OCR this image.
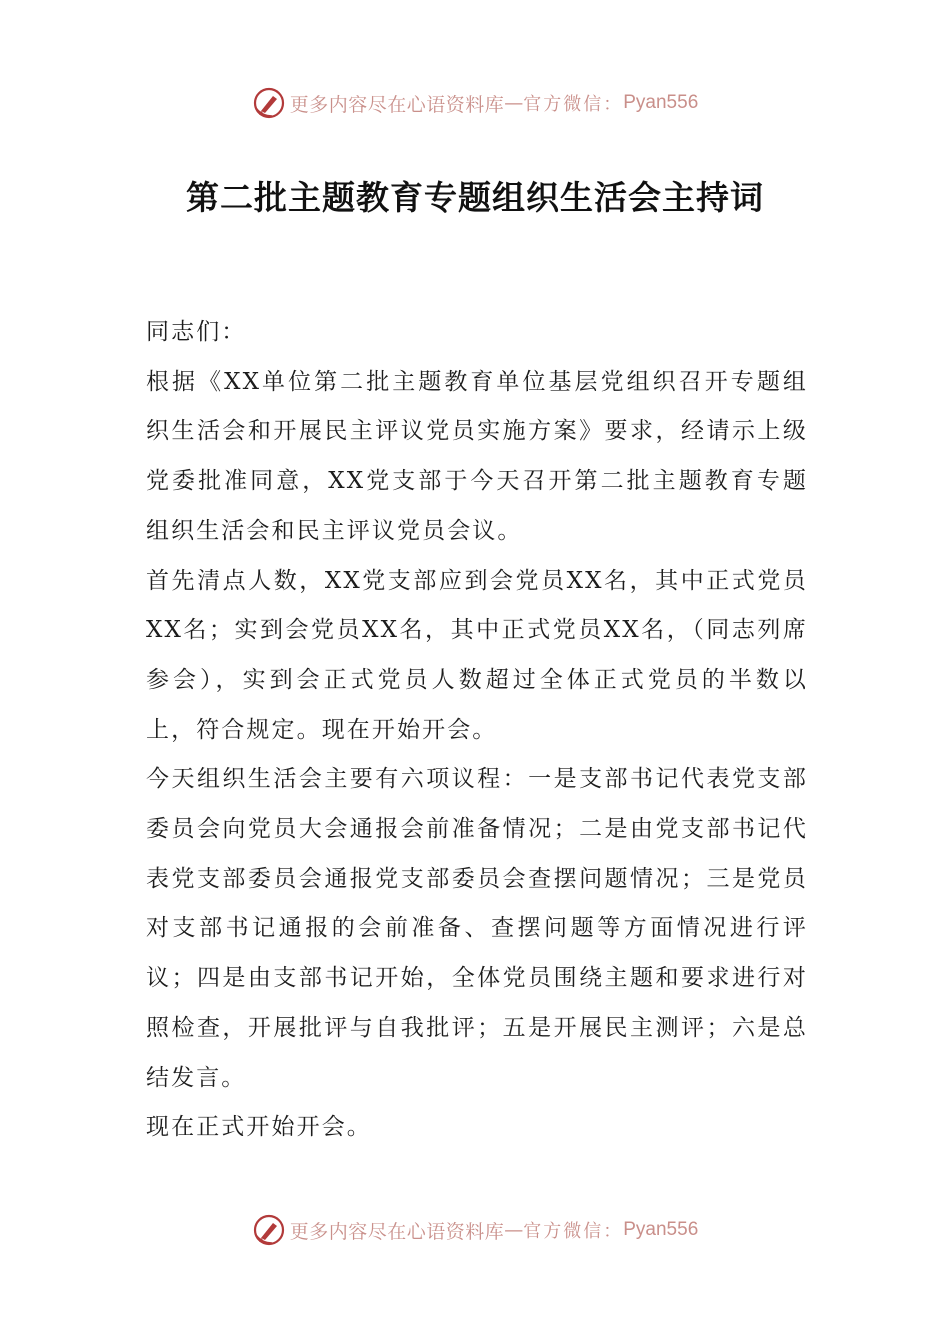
更多内容尽在心语资料库 — 官方微信： Pyan556
第二批主题教育专题组织生活会主持词

同志们：

根据《XX单位第二批主题教育单位基层党组织召开专题组织生活会和开展民主评议党员实施方案》要求，经请示上级党委批准同意，XX党支部于今天召开第二批主题教育专题组织生活会和民主评议党员会议。

首先清点人数，XX党支部应到会党员XX名，其中正式党员XX名；实到会党员XX名，其中正式党员XX名，（同志列席参会），实到会正式党员人数超过全体正式党员的半数以上，符合规定。现在开始开会。

今天组织生活会主要有六项议程：一是支部书记代表党支部委员会向党员大会通报会前准备情况；二是由党支部书记代表党支部委员会通报党支部委员会查摆问题情况；三是党员对支部书记通报的会前准备、查摆问题等方面情况进行评议；四是由支部书记开始，全体党员围绕主题和要求进行对照检查，开展批评与自我批评；五是开展民主测评；六是总结发言。

现在正式开始开会。

更多内容尽在心语资料库 — 官方微信： Pyan556
